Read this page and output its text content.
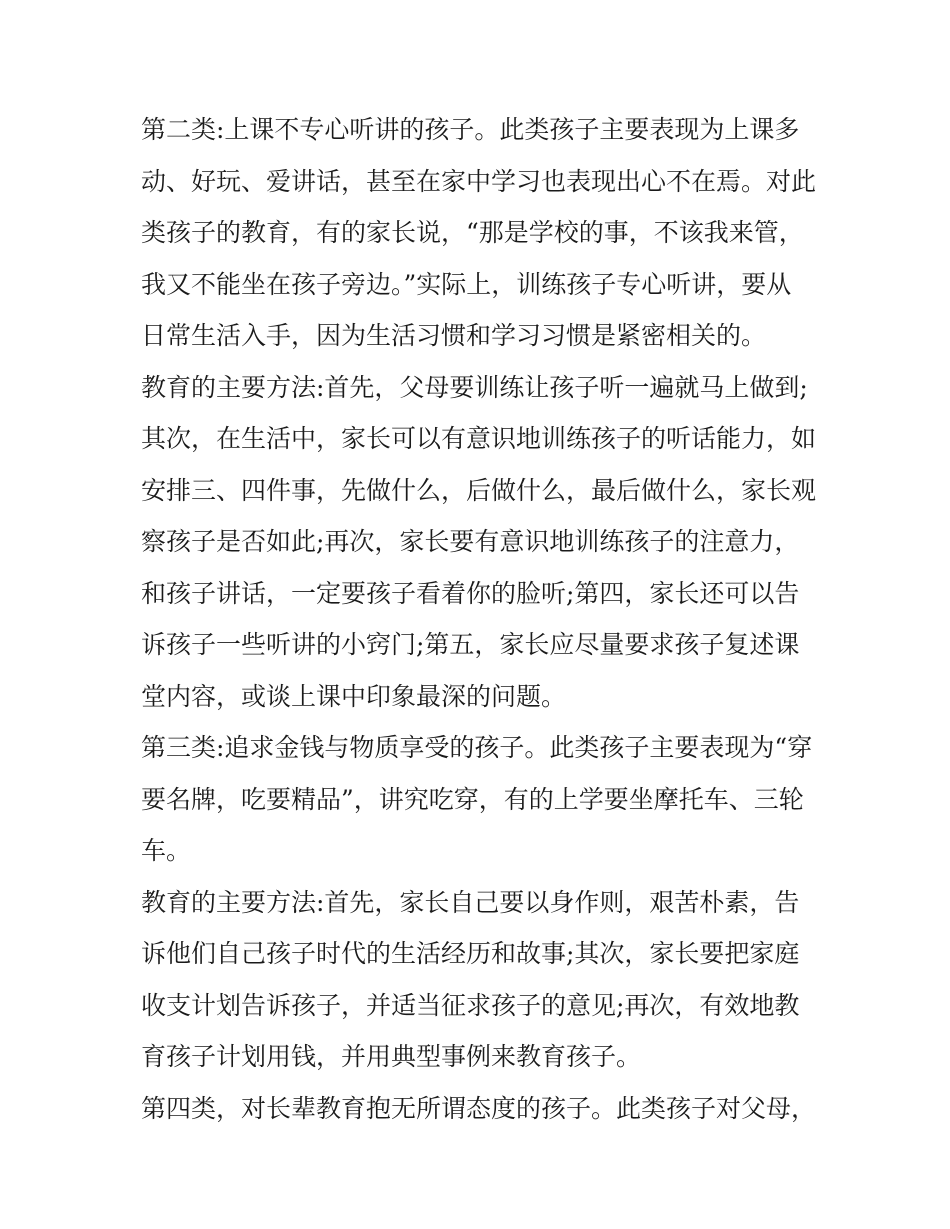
第二类:上课不专心听讲的孩子。此类孩子主要表现为上课多
动、好玩、爱讲话，甚至在家中学习也表现出心不在焉。对此
类孩子的教育，有的家长说，“那是学校的事，不该我来管，
我又不能坐在孩子旁边。”实际上，训练孩子专心听讲，要从
日常生活入手，因为生活习惯和学习习惯是紧密相关的。
教育的主要方法:首先，父母要训练让孩子听一遍就马上做到;
其次，在生活中，家长可以有意识地训练孩子的听话能力，如
安排三、四件事，先做什么，后做什么，最后做什么，家长观
察孩子是否如此;再次，家长要有意识地训练孩子的注意力，
和孩子讲话，一定要孩子看着你的脸听;第四，家长还可以告
诉孩子一些听讲的小窍门;第五，家长应尽量要求孩子复述课
堂内容，或谈上课中印象最深的问题。
第三类:追求金钱与物质享受的孩子。此类孩子主要表现为“穿
要名牌，吃要精品”，讲究吃穿，有的上学要坐摩托车、三轮
车。
教育的主要方法:首先，家长自己要以身作则，艰苦朴素，告
诉他们自己孩子时代的生活经历和故事;其次，家长要把家庭
收支计划告诉孩子，并适当征求孩子的意见;再次，有效地教
育孩子计划用钱，并用典型事例来教育孩子。
第四类，对长辈教育抱无所谓态度的孩子。此类孩子对父母，
